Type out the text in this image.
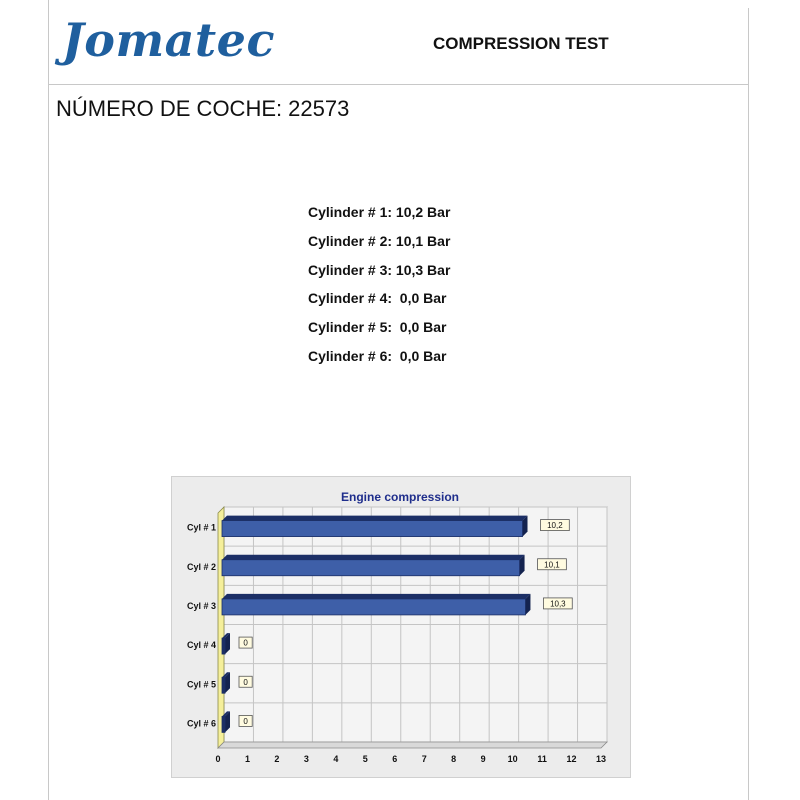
Jomatec	COMPRESSION TEST
NÚMERO DE COCHE: 22573
Cylinder # 1: 10,2 Bar
Cylinder # 2: 10,1 Bar
Cylinder # 3: 10,3 Bar
Cylinder # 4:  0,0 Bar
Cylinder # 5:  0,0 Bar
Cylinder # 6:  0,0 Bar
Engine compression
0	1	2	3	4	5	6	7	8	9 10 11 12 13
Cyl # 1	10,2
Cyl # 2	10,1
Cyl # 3	10,3
Cyl # 4	0
Cyl # 5	0
Cyl # 6	0
